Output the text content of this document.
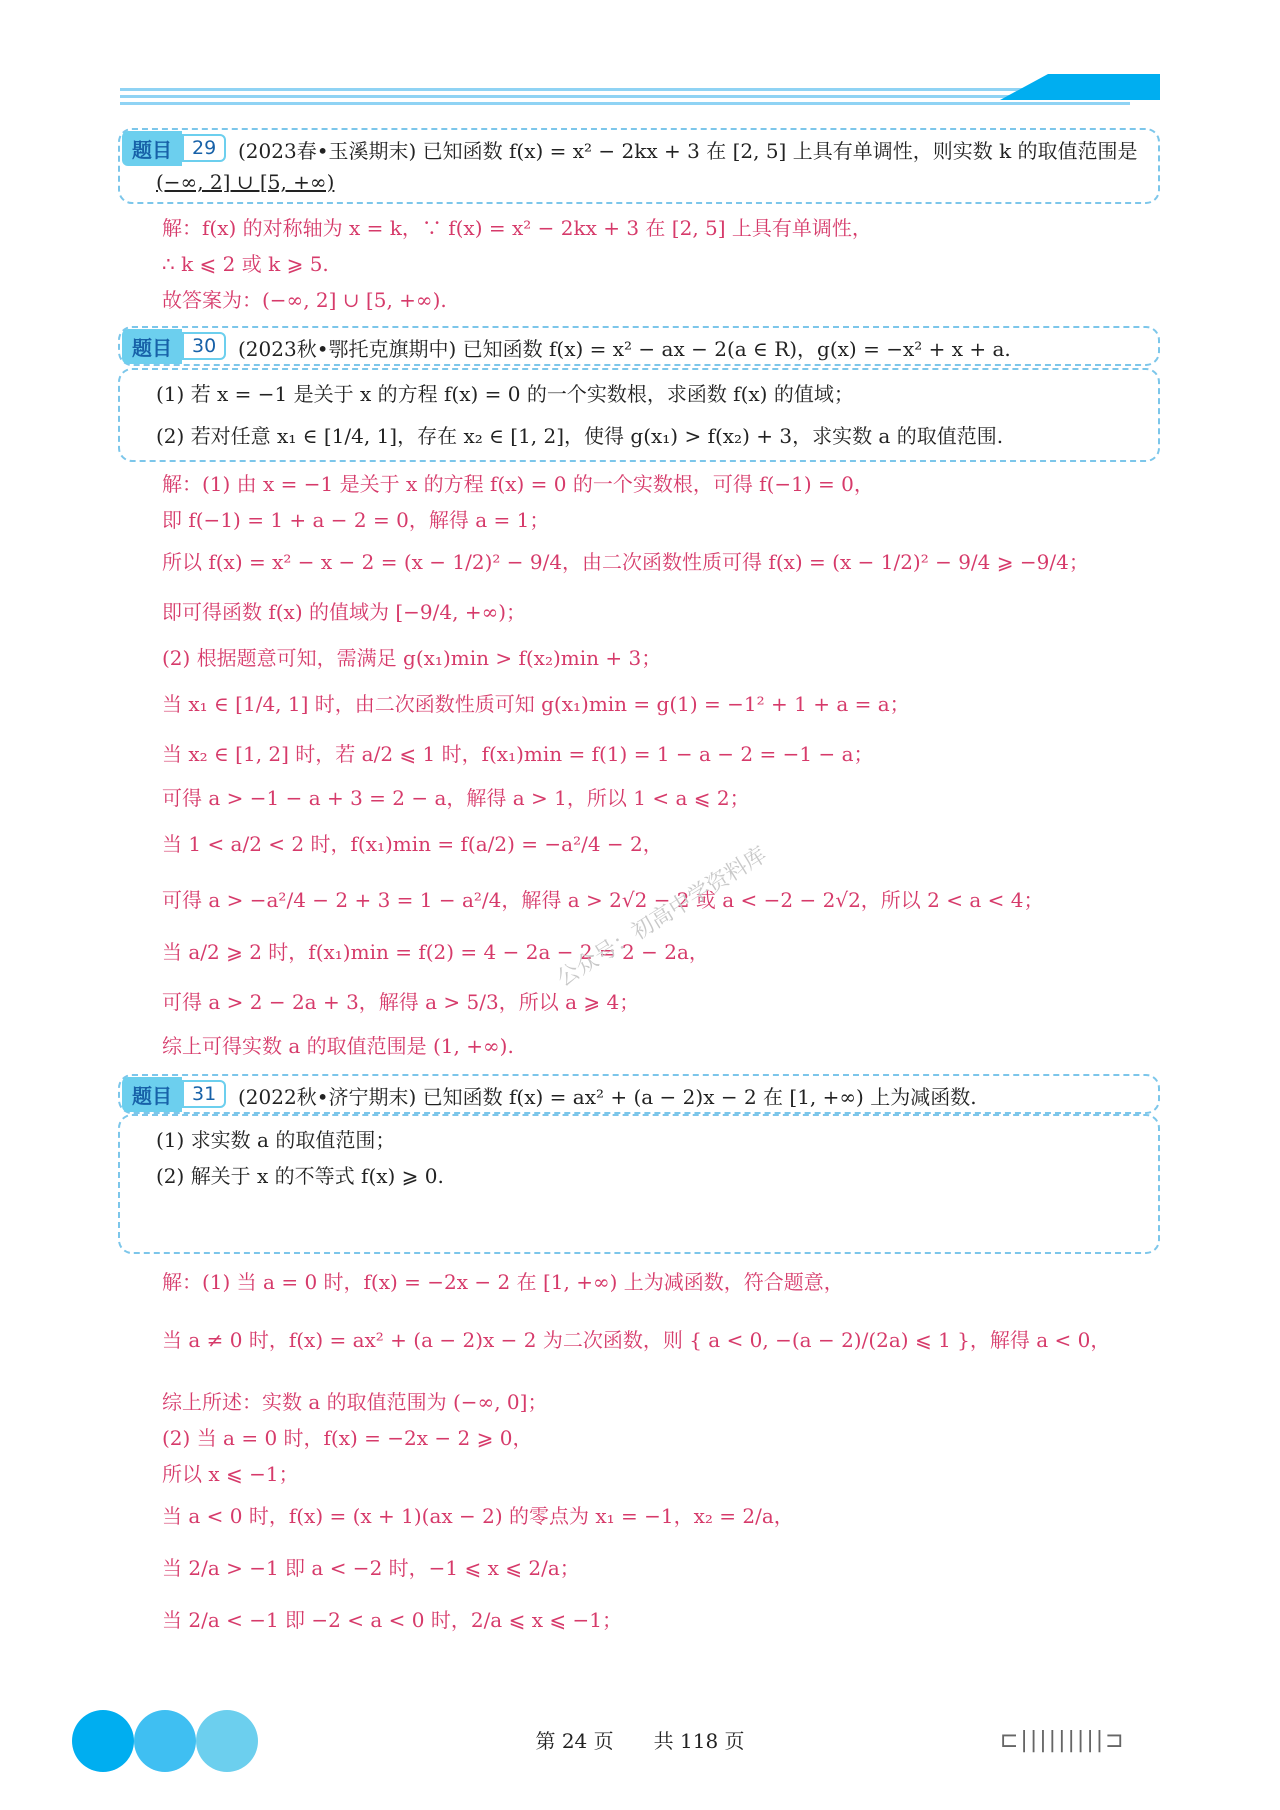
题目	29	(2023春•玉溪期末) 已知函数 f(x) = x² − 2kx + 3 在 [2, 5] 上具有单调性，则实数 k 的取值范围是
(−∞, 2] ∪ [5, +∞)
解：f(x) 的对称轴为 x = k，∵ f(x) = x² − 2kx + 3 在 [2, 5] 上具有单调性，
∴ k ⩽ 2 或 k ⩾ 5.
故答案为：(−∞, 2] ∪ [5, +∞).
题目	30	(2023秋•鄂托克旗期中) 已知函数 f(x) = x² − ax − 2(a ∈ R)，g(x) = −x² + x + a.
(1) 若 x = −1 是关于 x 的方程 f(x) = 0 的一个实数根，求函数 f(x) 的值域；
(2) 若对任意 x₁ ∈ [1/4, 1]，存在 x₂ ∈ [1, 2]，使得 g(x₁) > f(x₂) + 3，求实数 a 的取值范围.
解：(1) 由 x = −1 是关于 x 的方程 f(x) = 0 的一个实数根，可得 f(−1) = 0，
即 f(−1) = 1 + a − 2 = 0，解得 a = 1；
所以 f(x) = x² − x − 2 = (x − 1/2)² − 9/4，由二次函数性质可得 f(x) = (x − 1/2)² − 9/4 ⩾ −9/4；
即可得函数 f(x) 的值域为 [−9/4, +∞)；
(2) 根据题意可知，需满足 g(x₁)min > f(x₂)min + 3；
当 x₁ ∈ [1/4, 1] 时，由二次函数性质可知 g(x₁)min = g(1) = −1² + 1 + a = a；
当 x₂ ∈ [1, 2] 时，若 a/2 ⩽ 1 时，f(x₁)min = f(1) = 1 − a − 2 = −1 − a；
可得 a > −1 − a + 3 = 2 − a，解得 a > 1，所以 1 < a ⩽ 2；
当 1 < a/2 < 2 时，f(x₁)min = f(a/2) = −a²/4 − 2，
可得 a > −a²/4 − 2 + 3 = 1 − a²/4，解得 a > 2√2 − 2 或 a < −2 − 2√2，所以 2 < a < 4；
当 a/2 ⩾ 2 时，f(x₁)min = f(2) = 4 − 2a − 2 = 2 − 2a，
可得 a > 2 − 2a + 3，解得 a > 5/3，所以 a ⩾ 4；
综上可得实数 a 的取值范围是 (1, +∞).
公众号：初高中学资料库
题目	31	(2022秋•济宁期末) 已知函数 f(x) = ax² + (a − 2)x − 2 在 [1, +∞) 上为减函数.
(1) 求实数 a 的取值范围；
(2) 解关于 x 的不等式 f(x) ⩾ 0.
解：(1) 当 a = 0 时，f(x) = −2x − 2 在 [1, +∞) 上为减函数，符合题意，
当 a ≠ 0 时，f(x) = ax² + (a − 2)x − 2 为二次函数，则 { a < 0, −(a − 2)/(2a) ⩽ 1 }，解得 a < 0，
综上所述：实数 a 的取值范围为 (−∞, 0]；
(2) 当 a = 0 时，f(x) = −2x − 2 ⩾ 0，
所以 x ⩽ −1；
当 a < 0 时，f(x) = (x + 1)(ax − 2) 的零点为 x₁ = −1，x₂ = 2/a，
当 2/a > −1 即 a < −2 时，−1 ⩽ x ⩽ 2/a；
当 2/a < −1 即 −2 < a < 0 时，2/a ⩽ x ⩽ −1；
第 24 页　　共 118 页	⊏|||||||||⊐
